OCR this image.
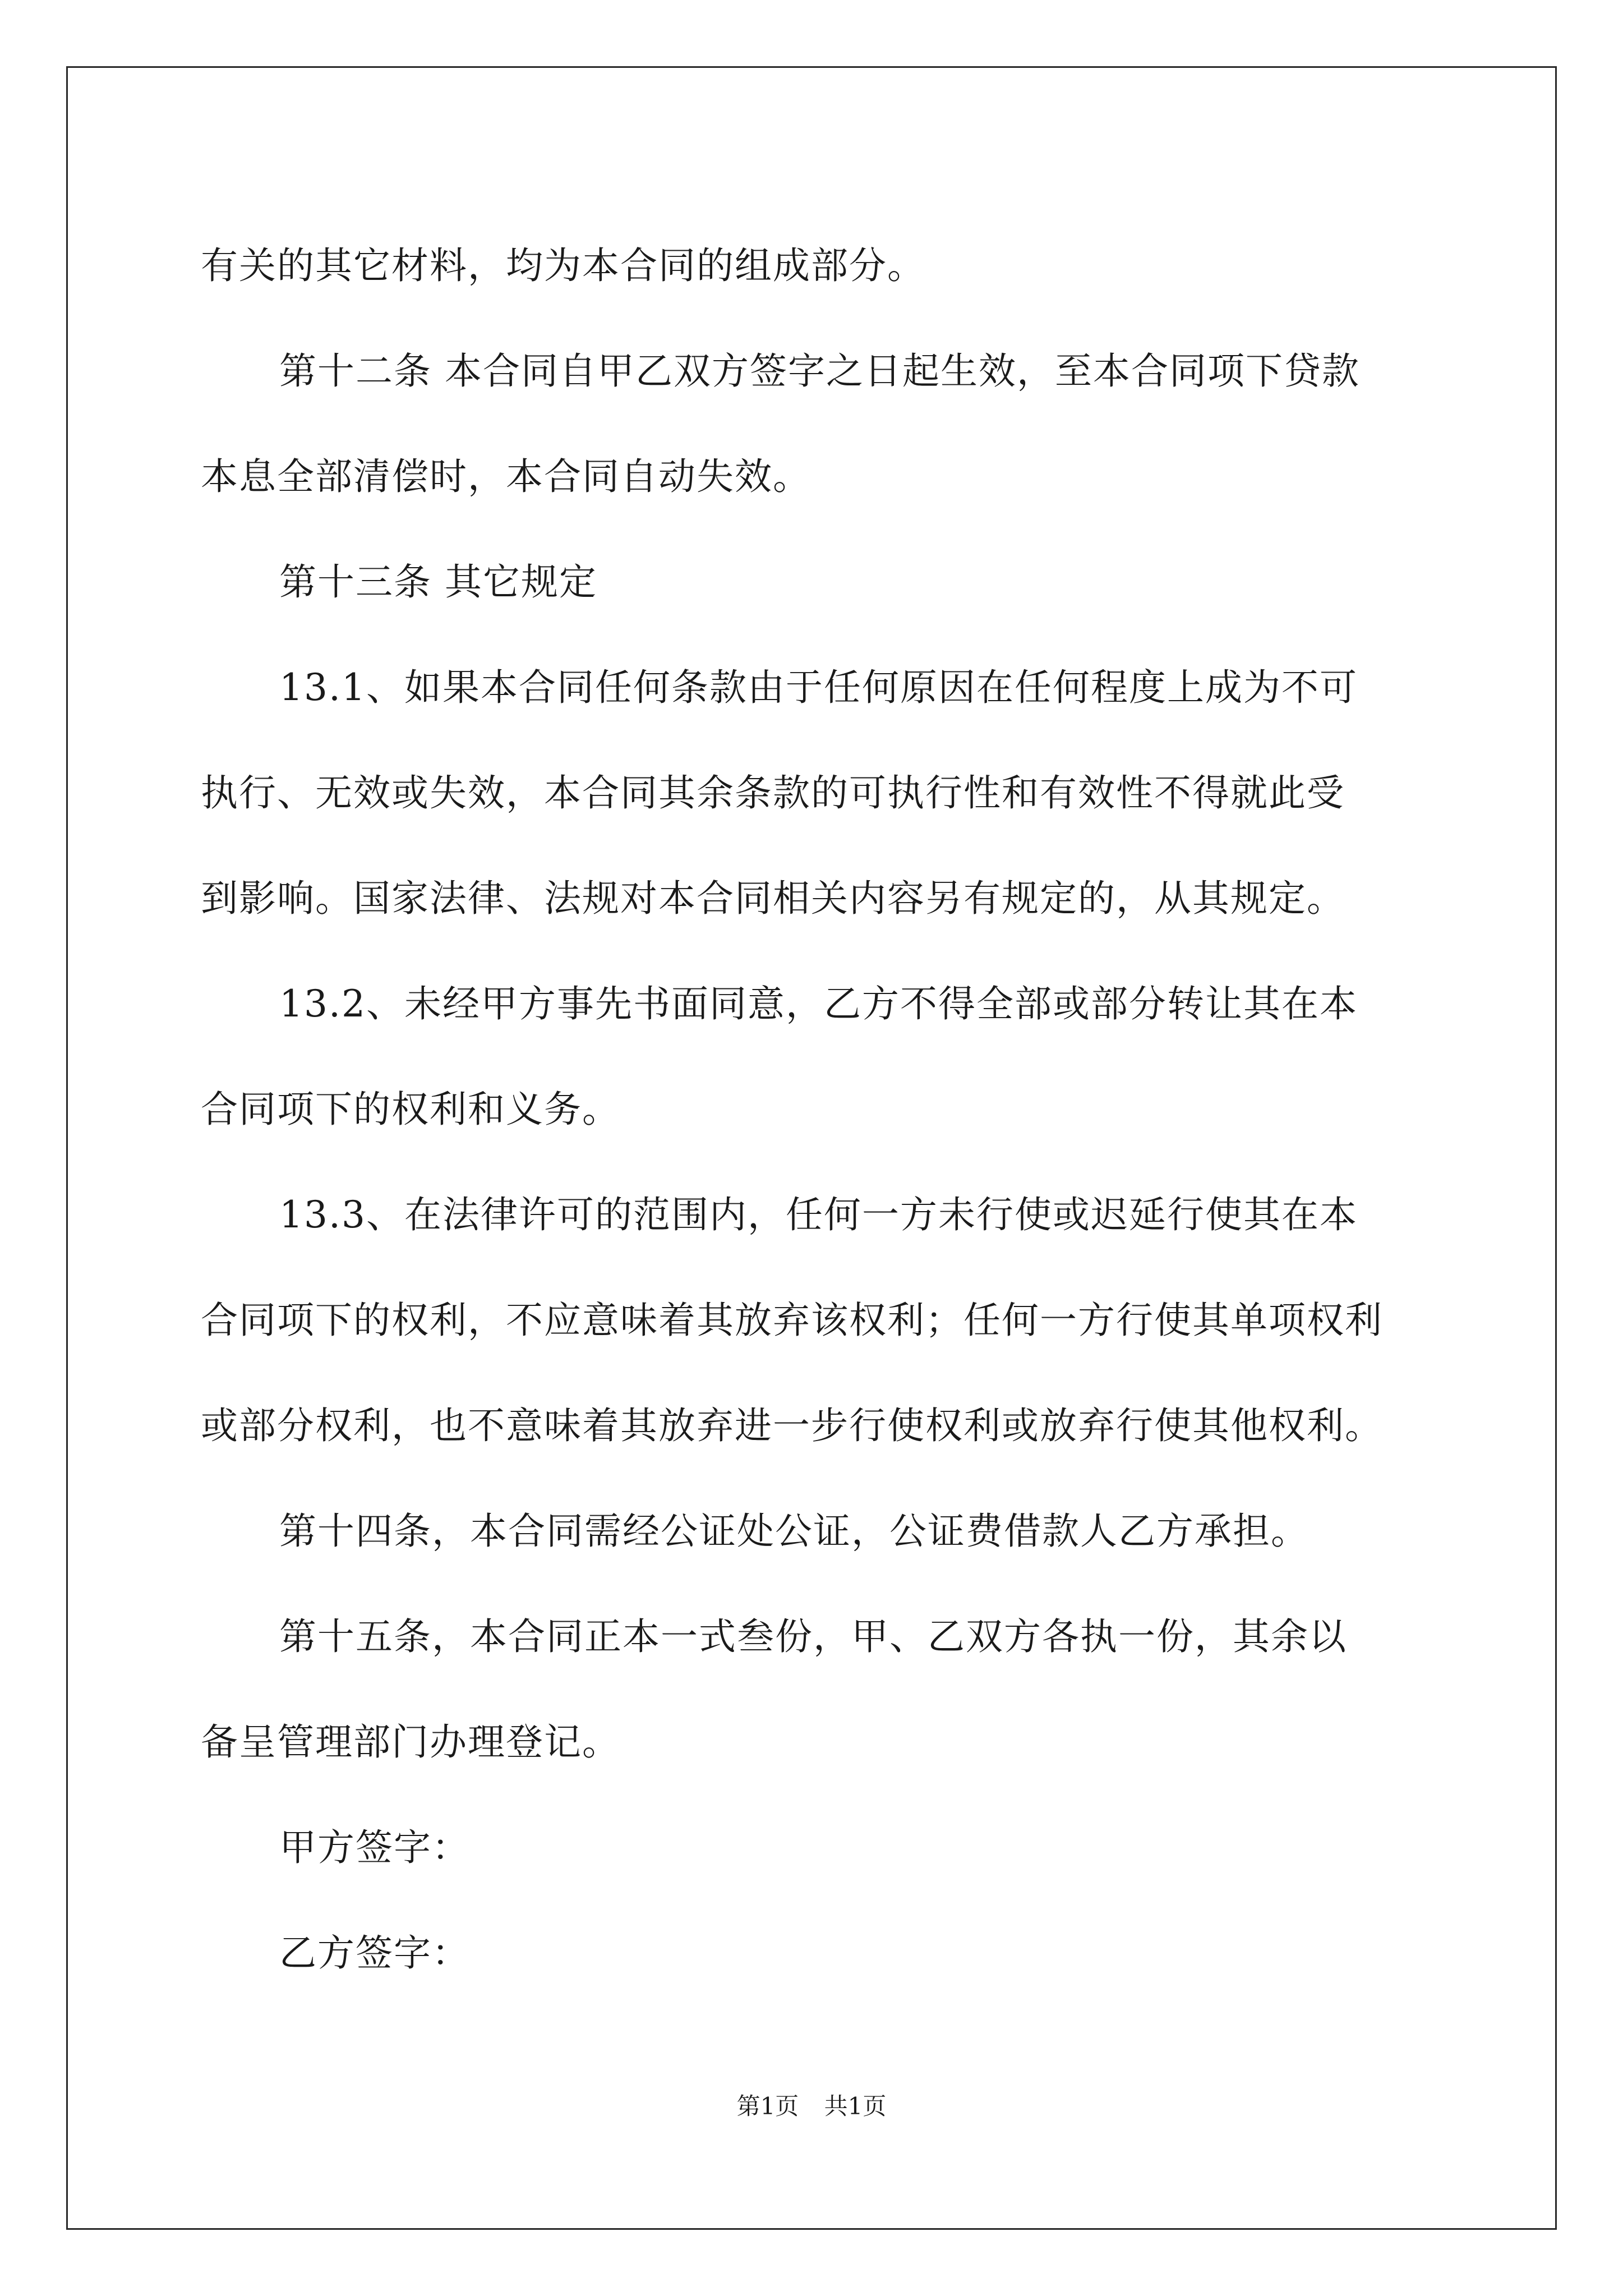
有关的其它材料，均为本合同的组成部分。

第十二条 本合同自甲乙双方签字之日起生效，至本合同项下贷款

本息全部清偿时，本合同自动失效。

第十三条 其它规定

13.1、如果本合同任何条款由于任何原因在任何程度上成为不可

执行、无效或失效，本合同其余条款的可执行性和有效性不得就此受

到影响。国家法律、法规对本合同相关内容另有规定的，从其规定。

13.2、未经甲方事先书面同意，乙方不得全部或部分转让其在本

合同项下的权利和义务。

13.3、在法律许可的范围内，任何一方未行使或迟延行使其在本

合同项下的权利，不应意味着其放弃该权利；任何一方行使其单项权利

或部分权利，也不意味着其放弃进一步行使权利或放弃行使其他权利。

第十四条，本合同需经公证处公证，公证费借款人乙方承担。

第十五条，本合同正本一式叁份，甲、乙双方各执一份，其余以

备呈管理部门办理登记。

甲方签字：

乙方签字：

第1页 共1页
